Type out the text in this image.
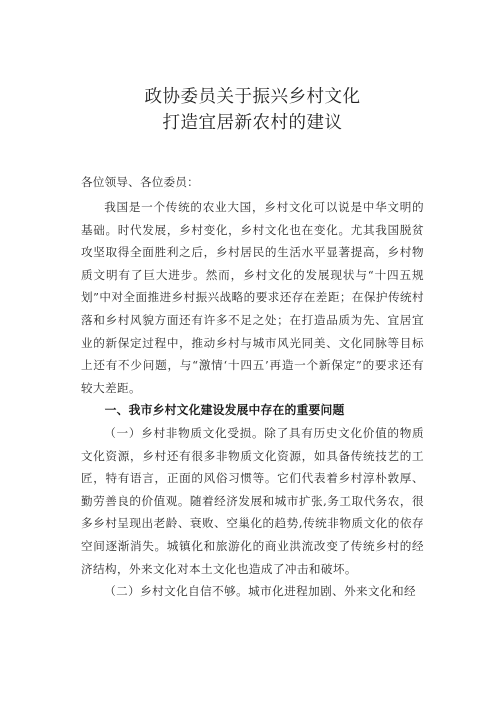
政协委员关于振兴乡村文化
打造宜居新农村的建议

各位领导、各位委员：

我国是一个传统的农业大国，乡村文化可以说是中华文明的基础。时代发展，乡村变化，乡村文化也在变化。尤其我国脱贫攻坚取得全面胜利之后，乡村居民的生活水平显著提高，乡村物质文明有了巨大进步。然而，乡村文化的发展现状与“十四五规划”中对全面推进乡村振兴战略的要求还存在差距；在保护传统村落和乡村风貌方面还有许多不足之处；在打造品质为先、宜居宜业的新保定过程中，推动乡村与城市风光同美、文化同脉等目标上还有不少问题，与“激情‘十四五’再造一个新保定”的要求还有较大差距。

一、我市乡村文化建设发展中存在的重要问题

（一）乡村非物质文化受损。除了具有历史文化价值的物质文化资源，乡村还有很多非物质文化资源，如具备传统技艺的工匠，特有语言，正面的风俗习惯等。它们代表着乡村淳朴敦厚、勤劳善良的价值观。随着经济发展和城市扩张,务工取代务农，很多乡村呈现出老龄、衰败、空巢化的趋势,传统非物质文化的依存空间逐渐消失。城镇化和旅游化的商业洪流改变了传统乡村的经济结构，外来文化对本土文化也造成了冲击和破坏。

（二）乡村文化自信不够。城市化进程加剧、外来文化和经
